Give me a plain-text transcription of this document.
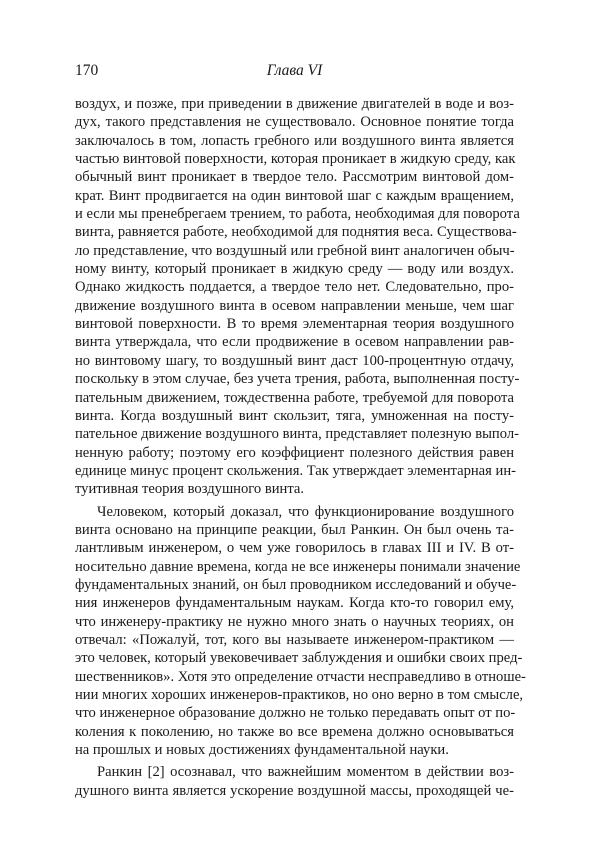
170	Глава VI
воздух, и позже, при приведении в движение двигателей в воде и воз-
дух, такого представления не существовало. Основное понятие тогда
заключалось в том, лопасть гребного или воздушного винта является
частью винтовой поверхности, которая проникает в жидкую среду, как
обычный винт проникает в твердое тело. Рассмотрим винтовой дом-
крат. Винт продвигается на один винтовой шаг с каждым вращением,
и если мы пренебрегаем трением, то работа, необходимая для поворота
винта, равняется работе, необходимой для поднятия веса. Существова-
ло представление, что воздушный или гребной винт аналогичен обыч-
ному винту, который проникает в жидкую среду — воду или воздух.
Однако жидкость поддается, а твердое тело нет. Следовательно, про-
движение воздушного винта в осевом направлении меньше, чем шаг
винтовой поверхности. В то время элементарная теория воздушного
винта утверждала, что если продвижение в осевом направлении рав-
но винтовому шагу, то воздушный винт даст 100-процентную отдачу,
поскольку в этом случае, без учета трения, работа, выполненная посту-
пательным движением, тождественна работе, требуемой для поворота
винта. Когда воздушный винт скользит, тяга, умноженная на посту-
пательное движение воздушного винта, представляет полезную выпол-
ненную работу; поэтому его коэффициент полезного действия равен
единице минус процент скольжения. Так утверждает элементарная ин-
туитивная теория воздушного винта.
Человеком, который доказал, что функционирование воздушного
винта основано на принципе реакции, был Ранкин. Он был очень та-
лантливым инженером, о чем уже говорилось в главах III и IV. В от-
носительно давние времена, когда не все инженеры понимали значение
фундаментальных знаний, он был проводником исследований и обуче-
ния инженеров фундаментальным наукам. Когда кто-то говорил ему,
что инженеру-практику не нужно много знать о научных теориях, он
отвечал: «Пожалуй, тот, кого вы называете инженером-практиком —
это человек, который увековечивает заблуждения и ошибки своих пред-
шественников». Хотя это определение отчасти несправедливо в отноше-
нии многих хороших инженеров-практиков, но оно верно в том смысле,
что инженерное образование должно не только передавать опыт от по-
коления к поколению, но также во все времена должно основываться
на прошлых и новых достижениях фундаментальной науки.
Ранкин [2] осознавал, что важнейшим моментом в действии воз-
душного винта является ускорение воздушной массы, проходящей че-
